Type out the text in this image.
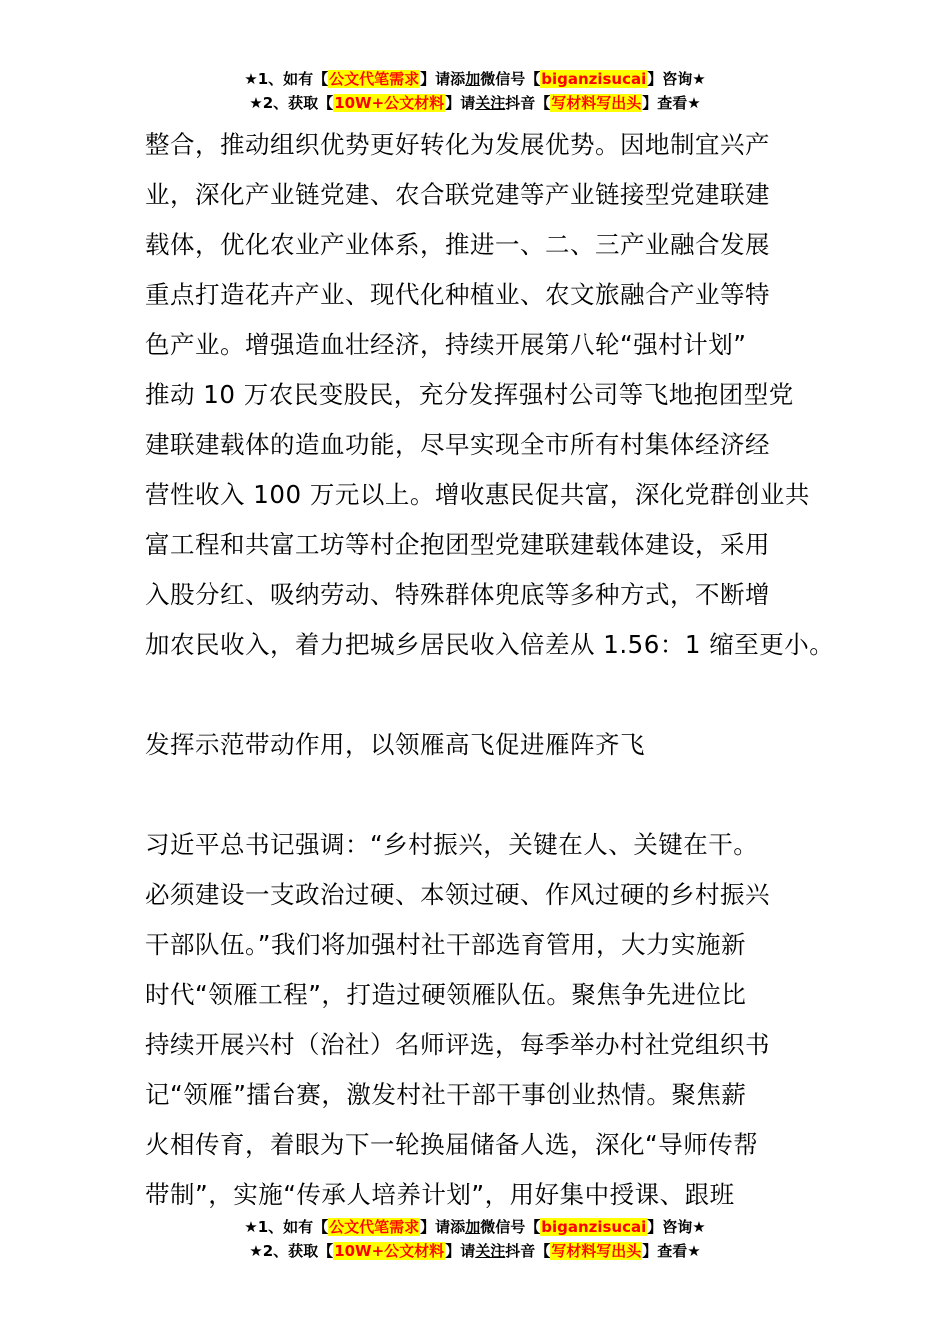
★1、如有【公文代笔需求】请添加微信号【biganzisucai】咨询★
★2、获取【10W+公文材料】请关注抖音【写材料写出头】查看★
整合，推动组织优势更好转化为发展优势。因地制宜兴产
业，深化产业链党建、农合联党建等产业链接型党建联建
载体，优化农业产业体系，推进一、二、三产业融合发展
重点打造花卉产业、现代化种植业、农文旅融合产业等特
色产业。增强造血壮经济，持续开展第八轮“强村计划”
推动 10 万农民变股民，充分发挥强村公司等飞地抱团型党
建联建载体的造血功能，尽早实现全市所有村集体经济经
营性收入 100 万元以上。增收惠民促共富，深化党群创业共
富工程和共富工坊等村企抱团型党建联建载体建设，采用
入股分红、吸纳劳动、特殊群体兜底等多种方式，不断增
加农民收入，着力把城乡居民收入倍差从 1.56：1 缩至更小。
发挥示范带动作用，以领雁高飞促进雁阵齐飞
习近平总书记强调：“乡村振兴，关键在人、关键在干。
必须建设一支政治过硬、本领过硬、作风过硬的乡村振兴
干部队伍。”我们将加强村社干部选育管用，大力实施新
时代“领雁工程”，打造过硬领雁队伍。聚焦争先进位比
持续开展兴村（治社）名师评选，每季举办村社党组织书
记“领雁”擂台赛，激发村社干部干事创业热情。聚焦薪
火相传育，着眼为下一轮换届储备人选，深化“导师传帮
带制”，实施“传承人培养计划”，用好集中授课、跟班
★1、如有【公文代笔需求】请添加微信号【biganzisucai】咨询★
★2、获取【10W+公文材料】请关注抖音【写材料写出头】查看★
